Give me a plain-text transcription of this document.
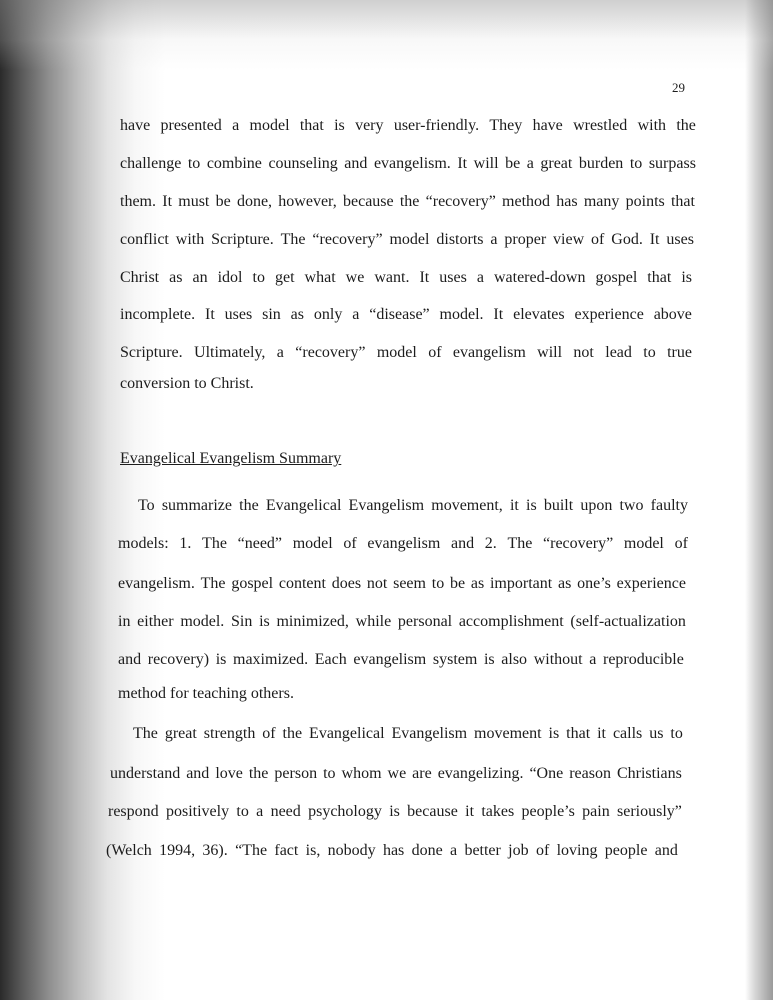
29
have presented a model that is very user-friendly. They have wrestled with the
challenge to combine counseling and evangelism. It will be a great burden to surpass
them. It must be done, however, because the “recovery” method has many points that
conflict with Scripture. The “recovery” model distorts a proper view of God. It uses
Christ as an idol to get what we want. It uses a watered-down gospel that is
incomplete. It uses sin as only a “disease” model. It elevates experience above
Scripture. Ultimately, a “recovery” model of evangelism will not lead to true
conversion to Christ.
Evangelical Evangelism Summary
To summarize the Evangelical Evangelism movement, it is built upon two faulty
models: 1. The “need” model of evangelism and 2. The “recovery” model of
evangelism. The gospel content does not seem to be as important as one’s experience
in either model. Sin is minimized, while personal accomplishment (self-actualization
and recovery) is maximized. Each evangelism system is also without a reproducible
method for teaching others.
The great strength of the Evangelical Evangelism movement is that it calls us to
understand and love the person to whom we are evangelizing. “One reason Christians
respond positively to a need psychology is because it takes people’s pain seriously”
(Welch 1994, 36). “The fact is, nobody has done a better job of loving people and
